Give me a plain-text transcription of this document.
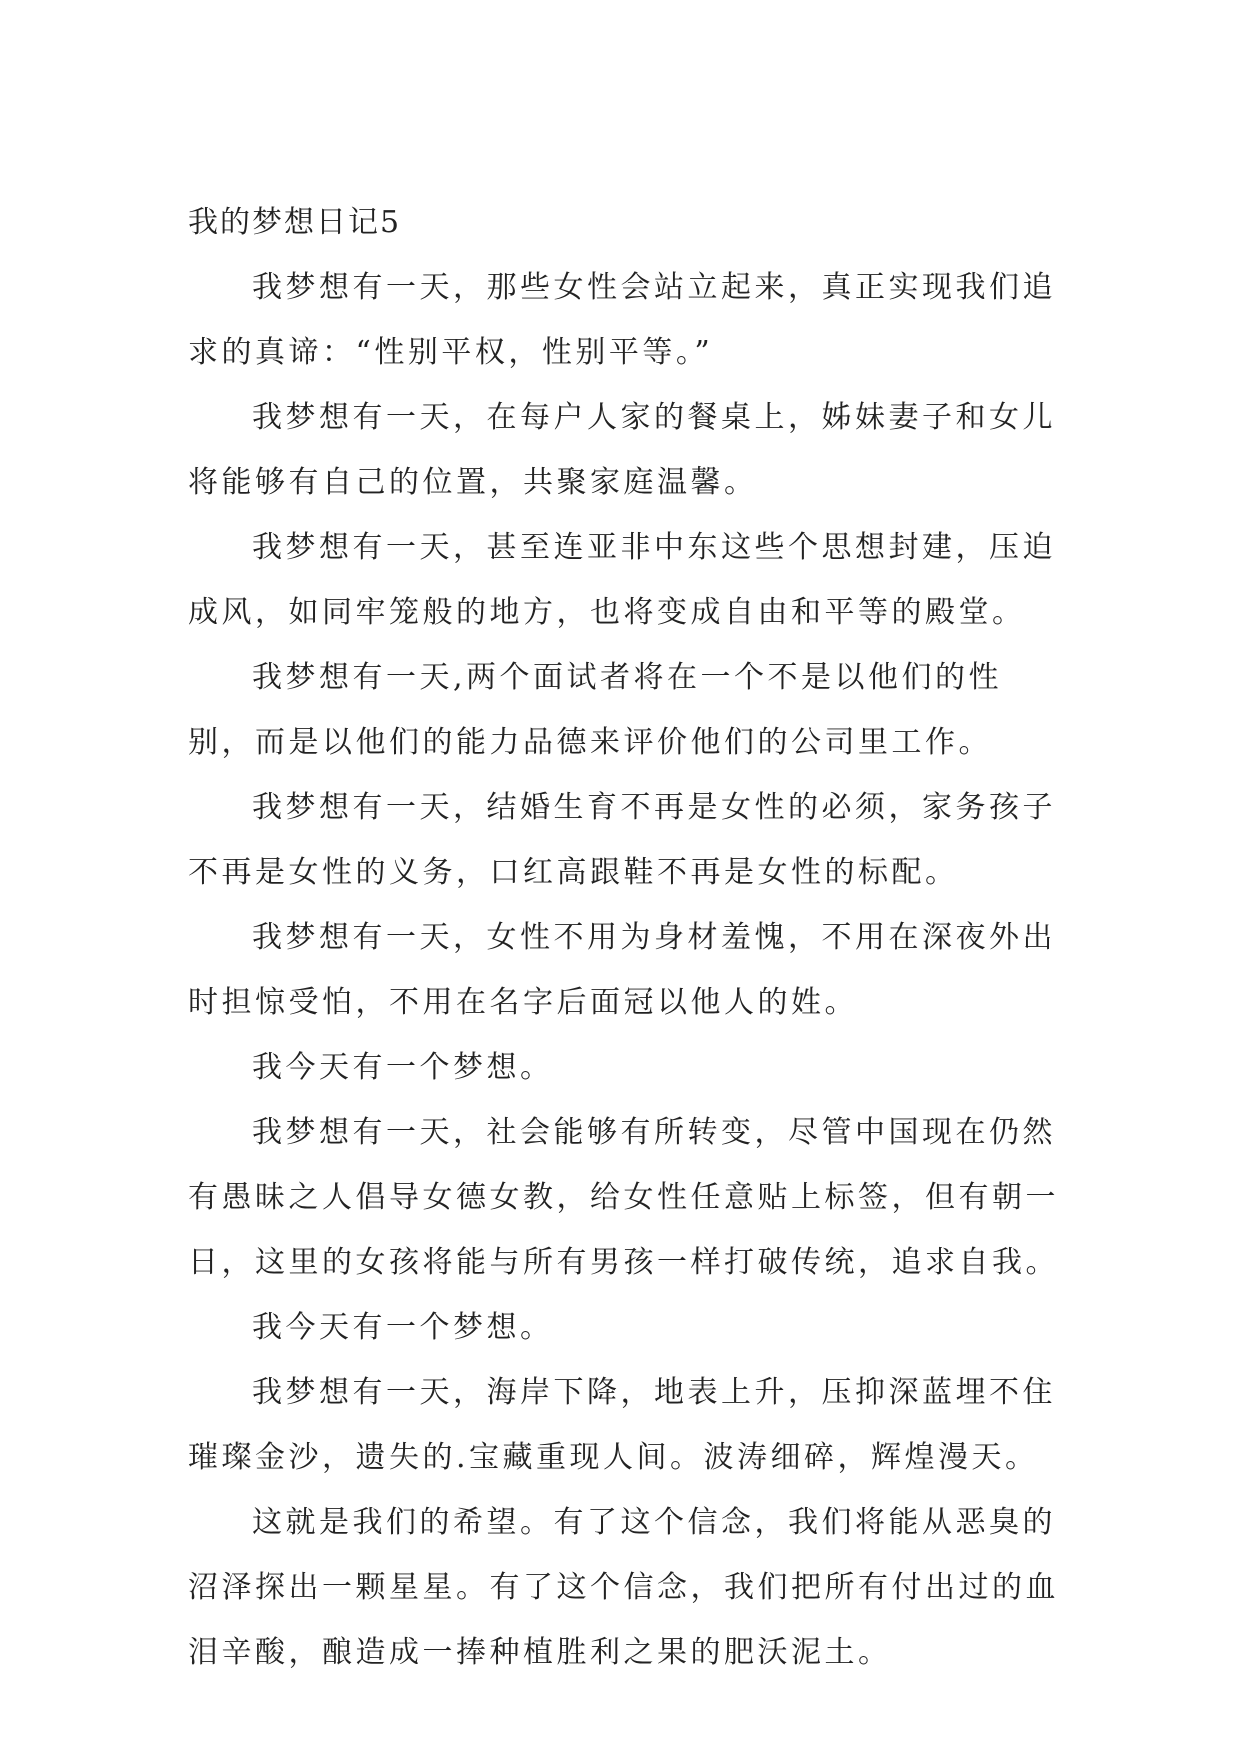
我的梦想日记5

我梦想有一天，那些女性会站立起来，真正实现我们追求的真谛：“性别平权，性别平等。”

我梦想有一天，在每户人家的餐桌上，姊妹妻子和女儿将能够有自己的位置，共聚家庭温馨。

我梦想有一天，甚至连亚非中东这些个思想封建，压迫成风，如同牢笼般的地方，也将变成自由和平等的殿堂。

我梦想有一天,两个面试者将在一个不是以他们的性别，而是以他们的能力品德来评价他们的公司里工作。

我梦想有一天，结婚生育不再是女性的必须，家务孩子不再是女性的义务，口红高跟鞋不再是女性的标配。

我梦想有一天，女性不用为身材羞愧，不用在深夜外出时担惊受怕，不用在名字后面冠以他人的姓。

我今天有一个梦想。

我梦想有一天，社会能够有所转变，尽管中国现在仍然有愚昧之人倡导女德女教，给女性任意贴上标签，但有朝一日，这里的女孩将能与所有男孩一样打破传统，追求自我。

我今天有一个梦想。

我梦想有一天，海岸下降，地表上升，压抑深蓝埋不住璀璨金沙，遗失的.宝藏重现人间。波涛细碎，辉煌漫天。

这就是我们的希望。有了这个信念，我们将能从恶臭的沼泽探出一颗星星。有了这个信念，我们把所有付出过的血泪辛酸，酿造成一捧种植胜利之果的肥沃泥土。
